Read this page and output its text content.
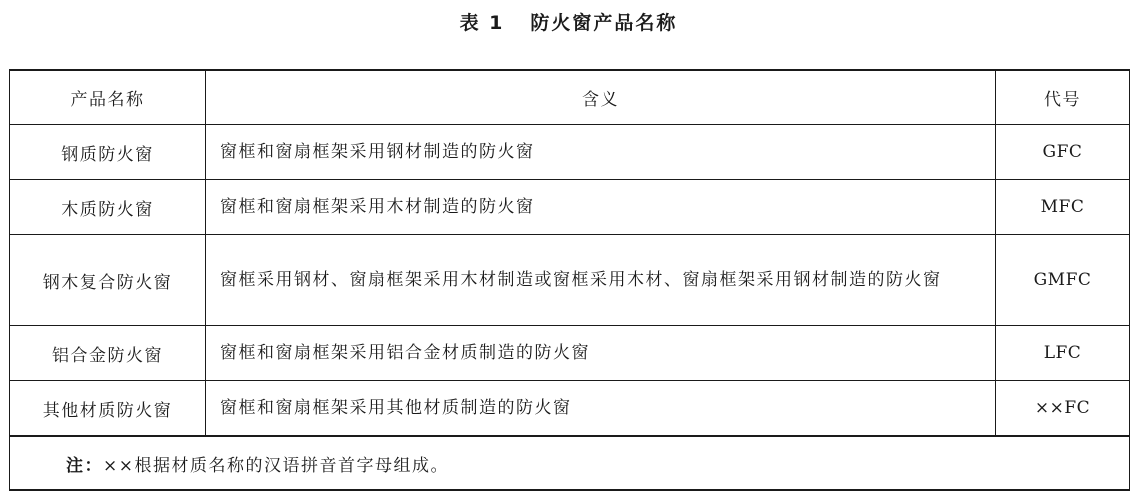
表 1 防火窗产品名称
产品名称	含义	代号
钢质防火窗	窗框和窗扇框架采用钢材制造的防火窗	GFC
木质防火窗	窗框和窗扇框架采用木材制造的防火窗	MFC
钢木复合防火窗	窗框采用钢材、窗扇框架采用木材制造或窗框采用木材、窗扇框架采用钢材制造的防火窗	GMFC
铝合金防火窗	窗框和窗扇框架采用铝合金材质制造的防火窗	LFC
其他材质防火窗	窗框和窗扇框架采用其他材质制造的防火窗	××FC
注：××根据材质名称的汉语拼音首字母组成。		
